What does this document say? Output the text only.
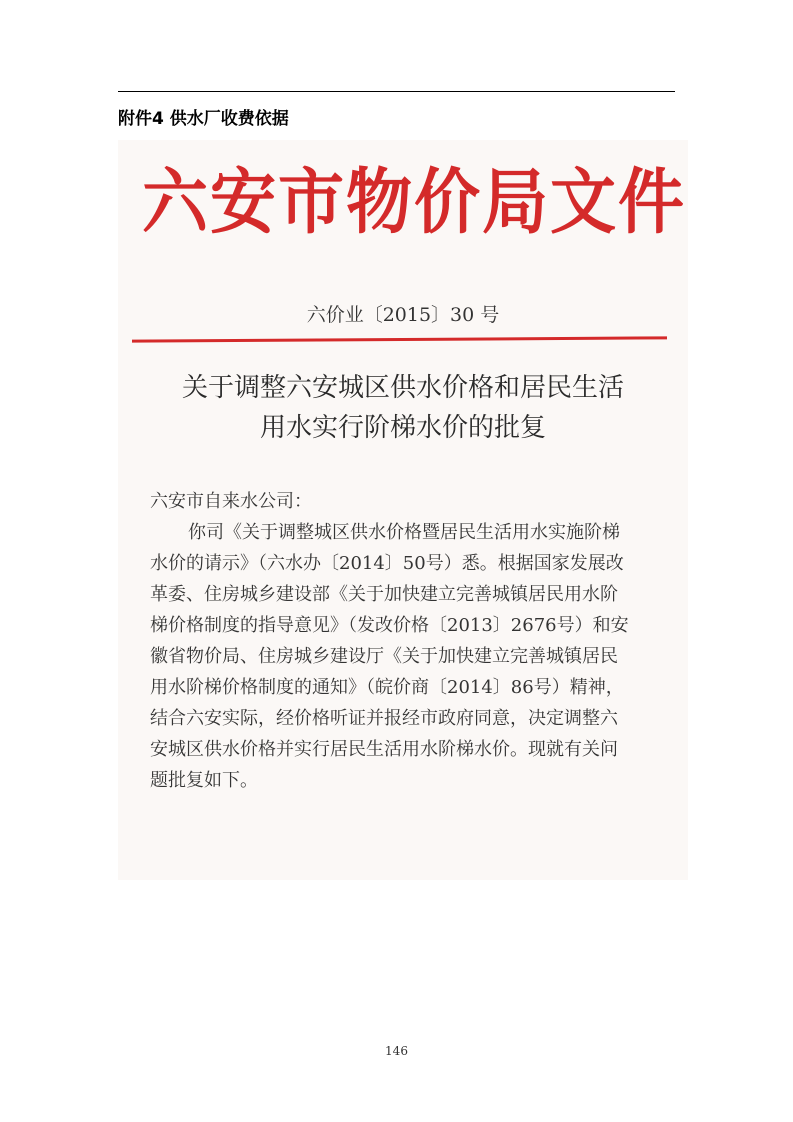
附件4 供水厂收费依据
六安市物价局文件
六价业〔2015〕30 号
关于调整六安城区供水价格和居民生活
用水实行阶梯水价的批复
六安市自来水公司：
你司《关于调整城区供水价格暨居民生活用水实施阶梯
水价的请示》（六水办〔2014〕50号）悉。根据国家发展改
革委、住房城乡建设部《关于加快建立完善城镇居民用水阶
梯价格制度的指导意见》（发改价格〔2013〕2676号）和安
徽省物价局、住房城乡建设厅《关于加快建立完善城镇居民
用水阶梯价格制度的通知》（皖价商〔2014〕86号）精神，
结合六安实际，经价格听证并报经市政府同意，决定调整六
安城区供水价格并实行居民生活用水阶梯水价。现就有关问
题批复如下。
146
